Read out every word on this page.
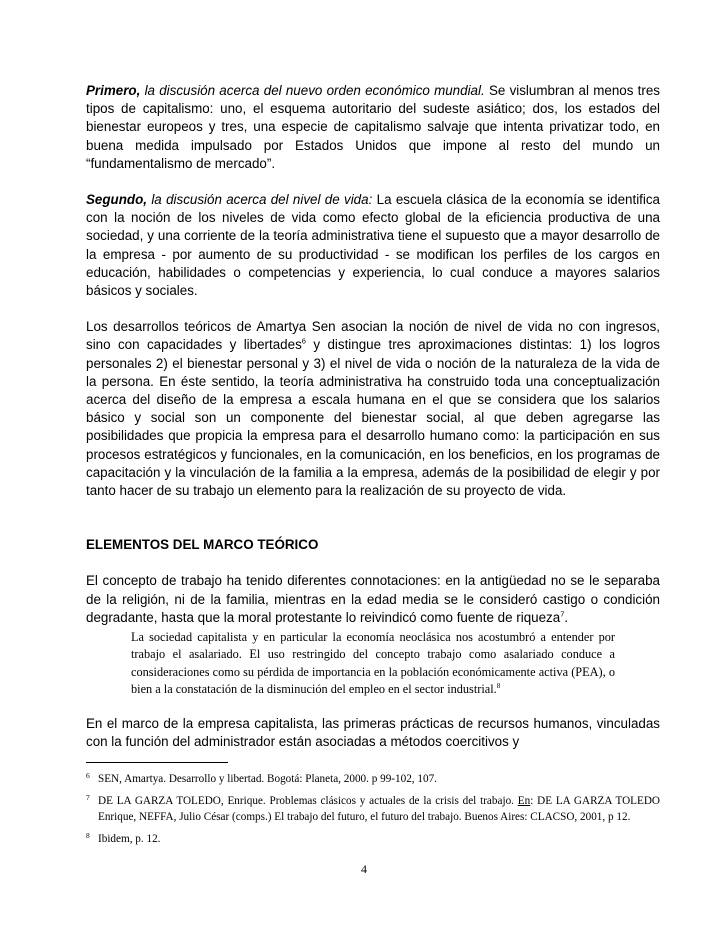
Primero, la discusión acerca del nuevo orden económico mundial. Se vislumbran al menos tres tipos de capitalismo: uno, el esquema autoritario del sudeste asiático; dos, los estados del bienestar europeos y tres, una especie de capitalismo salvaje que intenta privatizar todo, en buena medida impulsado por Estados Unidos que impone al resto del mundo un “fundamentalismo de mercado”.

Segundo, la discusión acerca del nivel de vida: La escuela clásica de la economía se identifica con la noción de los niveles de vida como efecto global de la eficiencia productiva de una sociedad, y una corriente de la teoría administrativa tiene el supuesto que a mayor desarrollo de la empresa - por aumento de su productividad - se modifican los perfiles de los cargos en educación, habilidades o competencias y experiencia, lo cual conduce a mayores salarios básicos y sociales.

Los desarrollos teóricos de Amartya Sen asocian la noción de nivel de vida no con ingresos, sino con capacidades y libertades$^6$ y distingue tres aproximaciones distintas: 1) los logros personales 2) el bienestar personal y 3) el nivel de vida o noción de la naturaleza de la vida de la persona. En éste sentido, la teoría administrativa ha construido toda una conceptualización acerca del diseño de la empresa a escala humana en el que se considera que los salarios básico y social son un componente del bienestar social, al que deben agregarse las posibilidades que propicia la empresa para el desarrollo humano como: la participación en sus procesos estratégicos y funcionales, en la comunicación, en los beneficios, en los programas de capacitación y la vinculación de la familia a la empresa, además de la posibilidad de elegir y por tanto hacer de su trabajo un elemento para la realización de su proyecto de vida.

ELEMENTOS DEL MARCO TEÓRICO

El concepto de trabajo ha tenido diferentes connotaciones: en la antigüedad no se le separaba de la religión, ni de la familia, mientras en la edad media se le consideró castigo o condición degradante, hasta que la moral protestante lo reivindicó como fuente de riqueza$^7$.

La sociedad capitalista y en particular la economía neoclásica nos acostumbró a entender por trabajo el asalariado. El uso restringido del concepto trabajo como asalariado conduce a consideraciones como su pérdida de importancia en la población económicamente activa (PEA), o bien a la constatación de la disminución del empleo en el sector industrial.$^8$

En el marco de la empresa capitalista, las primeras prácticas de recursos humanos, vinculadas con la función del administrador están asociadas a métodos coercitivos y

6 SEN, Amartya. Desarrollo y libertad. Bogotá: Planeta, 2000. p 99-102, 107.
7 DE LA GARZA TOLEDO, Enrique. Problemas clásicos y actuales de la crisis del trabajo. En: DE LA GARZA TOLEDO Enrique, NEFFA, Julio César (comps.) El trabajo del futuro, el futuro del trabajo. Buenos Aires: CLACSO, 2001, p 12.
8 Ibidem, p. 12.
4
